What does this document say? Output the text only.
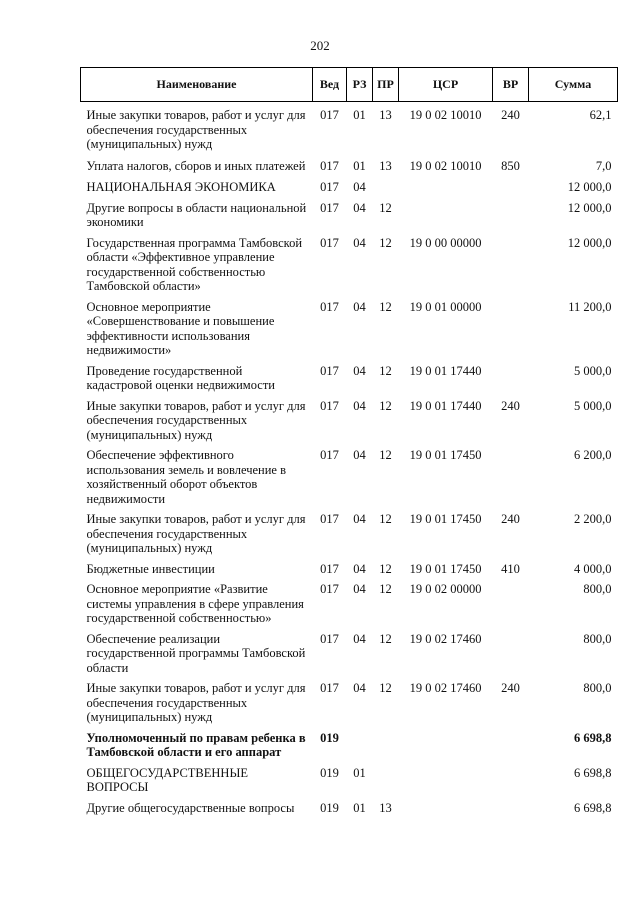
202
Наименование	Вед	РЗ	ПР	ЦСР	ВР	Сумма
Иные закупки товаров, работ и услуг для обеспечения государственных (муниципальных) нужд	017	01	13	19 0 02 10010	240	62,1
Уплата налогов, сборов и иных платежей	017	01	13	19 0 02 10010	850	7,0
НАЦИОНАЛЬНАЯ ЭКОНОМИКА	017	04				12 000,0
Другие вопросы в области национальной экономики	017	04	12			12 000,0
Государственная программа Тамбовской области «Эффективное управление государственной собственностью Тамбовской области»	017	04	12	19 0 00 00000		12 000,0
Основное мероприятие «Совершенствование и повышение эффективности использования недвижимости»	017	04	12	19 0 01 00000		11 200,0
Проведение государственной кадастровой оценки недвижимости	017	04	12	19 0 01 17440		5 000,0
Иные закупки товаров, работ и услуг для обеспечения государственных (муниципальных) нужд	017	04	12	19 0 01 17440	240	5 000,0
Обеспечение эффективного использования земель и вовлечение в хозяйственный оборот объектов недвижимости	017	04	12	19 0 01 17450		6 200,0
Иные закупки товаров, работ и услуг для обеспечения государственных (муниципальных) нужд	017	04	12	19 0 01 17450	240	2 200,0
Бюджетные инвестиции	017	04	12	19 0 01 17450	410	4 000,0
Основное мероприятие «Развитие системы управления в сфере управления государственной собственностью»	017	04	12	19 0 02 00000		800,0
Обеспечение реализации государственной программы Тамбовской области	017	04	12	19 0 02 17460		800,0
Иные закупки товаров, работ и услуг для обеспечения государственных (муниципальных) нужд	017	04	12	19 0 02 17460	240	800,0
Уполномоченный по правам ребенка в Тамбовской области и его аппарат	019					6 698,8
ОБЩЕГОСУДАРСТВЕННЫЕ ВОПРОСЫ	019	01				6 698,8
Другие общегосударственные вопросы	019	01	13			6 698,8
